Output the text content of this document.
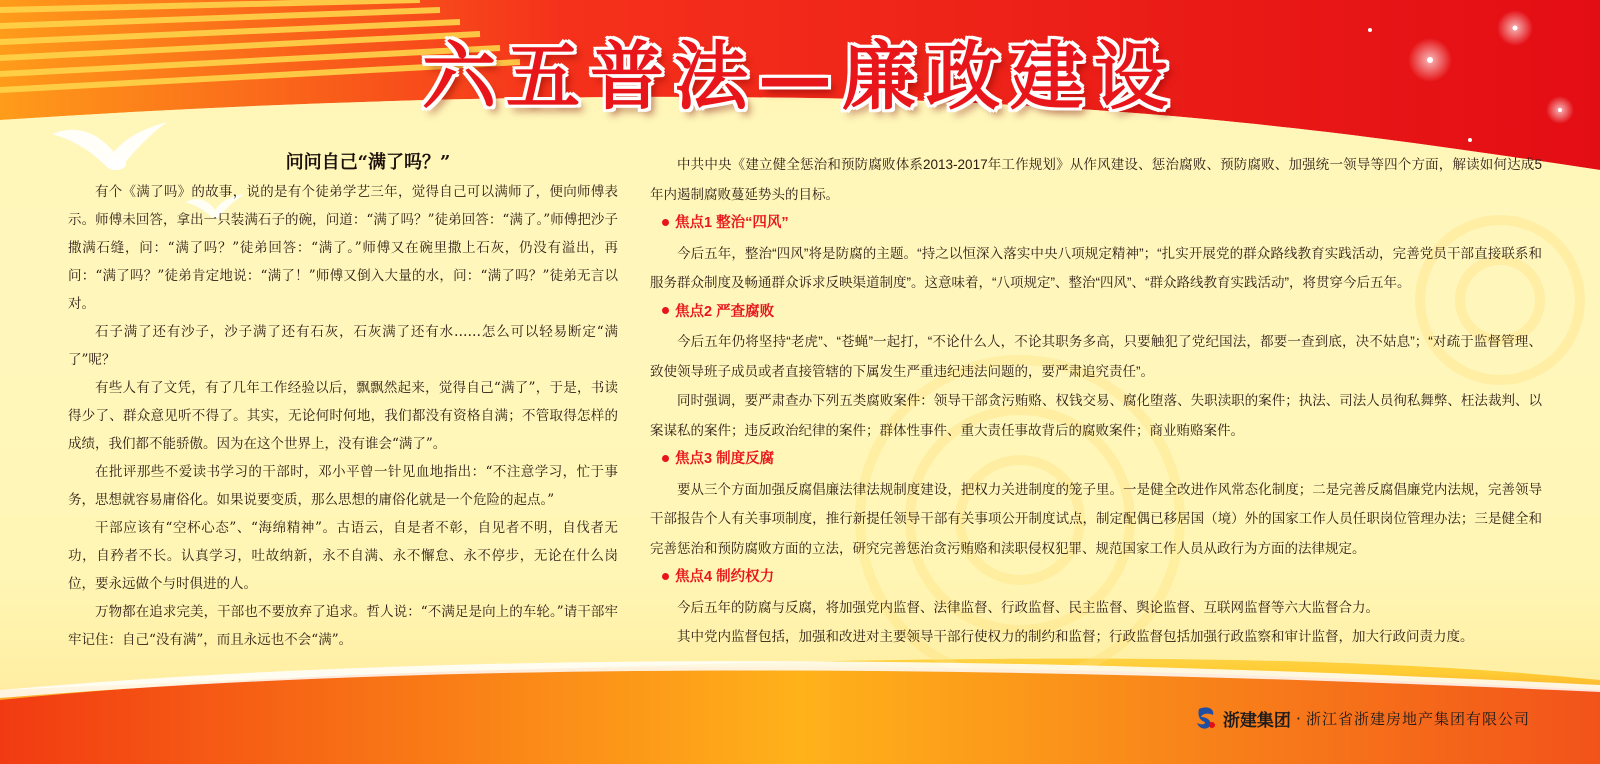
六五普法—廉政建设
问问自己“满了吗？”

有个《满了吗》的故事，说的是有个徒弟学艺三年，觉得自己可以满师了，便向师傅表示。师傅未回答，拿出一只装满石子的碗，问道：“满了吗？”徒弟回答：“满了。”师傅把沙子撒满石缝，问：“满了吗？”徒弟回答：“满了。”师傅又在碗里撒上石灰，仍没有溢出，再问：“满了吗？”徒弟肯定地说：“满了！”师傅又倒入大量的水，问：“满了吗？”徒弟无言以对。

石子满了还有沙子，沙子满了还有石灰，石灰满了还有水……怎么可以轻易断定“满了”呢？

有些人有了文凭，有了几年工作经验以后，飘飘然起来，觉得自己“满了”，于是，书读得少了、群众意见听不得了。其实，无论何时何地，我们都没有资格自满；不管取得怎样的成绩，我们都不能骄傲。因为在这个世界上，没有谁会“满了”。

在批评那些不爱读书学习的干部时，邓小平曾一针见血地指出：“不注意学习，忙于事务，思想就容易庸俗化。如果说要变质，那么思想的庸俗化就是一个危险的起点。”

干部应该有“空杯心态”、“海绵精神”。古语云，自是者不彰，自见者不明，自伐者无功，自矜者不长。认真学习，吐故纳新，永不自满、永不懈怠、永不停步，无论在什么岗位，要永远做个与时俱进的人。

万物都在追求完美，干部也不要放弃了追求。哲人说：“不满足是向上的车轮。”请干部牢牢记住：自己“没有满”，而且永远也不会“满”。

中共中央《建立健全惩治和预防腐败体系2013-2017年工作规划》从作风建设、惩治腐败、预防腐败、加强统一领导等四个方面，解读如何达成5年内遏制腐败蔓延势头的目标。

焦点1 整治“四风”

今后五年，整治“四风”将是防腐的主题。“持之以恒深入落实中央八项规定精神”；“扎实开展党的群众路线教育实践活动，完善党员干部直接联系和服务群众制度及畅通群众诉求反映渠道制度”。这意味着，“八项规定”、整治“四风”、“群众路线教育实践活动”，将贯穿今后五年。

焦点2 严查腐败

今后五年仍将坚持“老虎”、“苍蝇”一起打，“不论什么人，不论其职务多高，只要触犯了党纪国法，都要一查到底，决不姑息”；“对疏于监督管理、致使领导班子成员或者直接管辖的下属发生严重违纪违法问题的，要严肃追究责任”。

同时强调，要严肃查办下列五类腐败案件：领导干部贪污贿赂、权钱交易、腐化堕落、失职渎职的案件；执法、司法人员徇私舞弊、枉法裁判、以案谋私的案件；违反政治纪律的案件；群体性事件、重大责任事故背后的腐败案件；商业贿赂案件。

焦点3 制度反腐

要从三个方面加强反腐倡廉法律法规制度建设，把权力关进制度的笼子里。一是健全改进作风常态化制度；二是完善反腐倡廉党内法规，完善领导干部报告个人有关事项制度，推行新提任领导干部有关事项公开制度试点，制定配偶已移居国（境）外的国家工作人员任职岗位管理办法；三是健全和完善惩治和预防腐败方面的立法，研究完善惩治贪污贿赂和渎职侵权犯罪、规范国家工作人员从政行为方面的法律规定。

焦点4 制约权力

今后五年的防腐与反腐，将加强党内监督、法律监督、行政监督、民主监督、舆论监督、互联网监督等六大监督合力。

其中党内监督包括，加强和改进对主要领导干部行使权力的制约和监督；行政监督包括加强行政监察和审计监督，加大行政问责力度。

浙建集团 · 浙江省浙建房地产集团有限公司
